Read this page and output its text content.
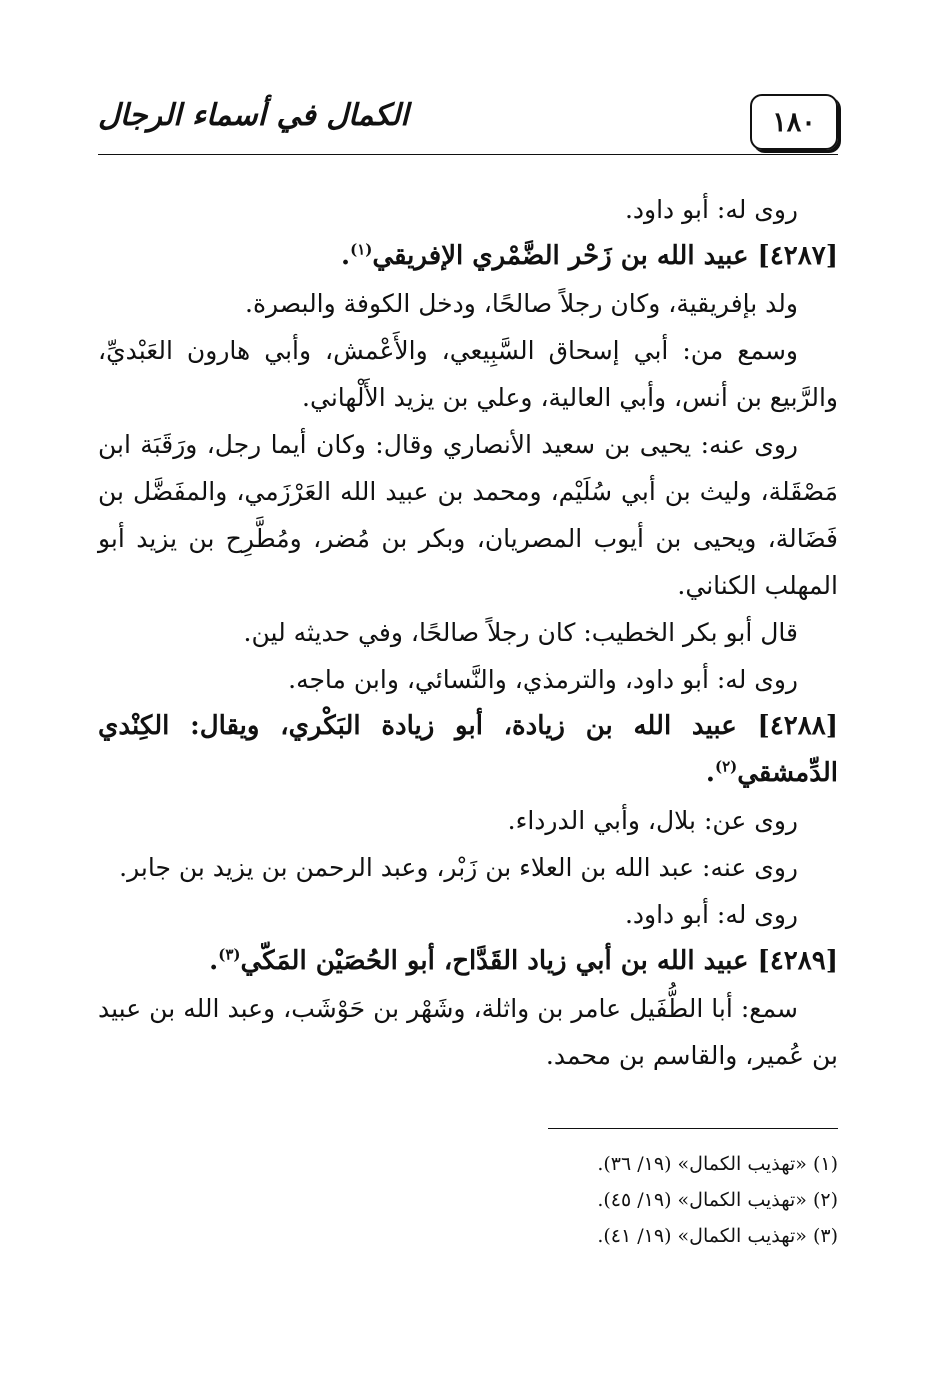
١٨٠
الكمال في أسماء الرجال

روى له: أبو داود.

[٤٢٨٧] عبيد الله بن زَحْر الضَّمْري الإفريقي$^{(١)}$.

ولد بإفريقية، وكان رجلاً صالحًا، ودخل الكوفة والبصرة.

وسمع من: أبي إسحاق السَّبِيعي، والأَعْمش، وأبي هارون العَبْديِّ، والرَّبيع بن أنس، وأبي العالية، وعلي بن يزيد الأَلْهاني.

روى عنه: يحيى بن سعيد الأنصاري وقال: وكان أيما رجل، ورَقَبَة ابن مَصْقَلة، وليث بن أبي سُلَيْم، ومحمد بن عبيد الله العَرْزَمي، والمفَضَّل بن فَضَالة، ويحيى بن أيوب المصريان، وبكر بن مُضر، ومُطَّرِح بن يزيد أبو المهلب الكناني.

قال أبو بكر الخطيب: كان رجلاً صالحًا، وفي حديثه لين.

روى له: أبو داود، والترمذي، والنَّسائي، وابن ماجه.

[٤٢٨٨] عبيد الله بن زيادة، أبو زيادة البَكْري، ويقال: الكِنْدي الدِّمشقي$^{(٢)}$.

روى عن: بلال، وأبي الدرداء.

روى عنه: عبد الله بن العلاء بن زَبْر، وعبد الرحمن بن يزيد بن جابر.

روى له: أبو داود.

[٤٢٨٩] عبيد الله بن أبي زياد القَدَّاح، أبو الحُصَيْن المَكّي$^{(٣)}$.

سمع: أبا الطُّفَيل عامر بن واثلة، وشَهْر بن حَوْشَب، وعبد الله بن عبيد بن عُمير، والقاسم بن محمد.

(١) «تهذيب الكمال» (١٩/ ٣٦).

(٢) «تهذيب الكمال» (١٩/ ٤٥).

(٣) «تهذيب الكمال» (١٩/ ٤١).
